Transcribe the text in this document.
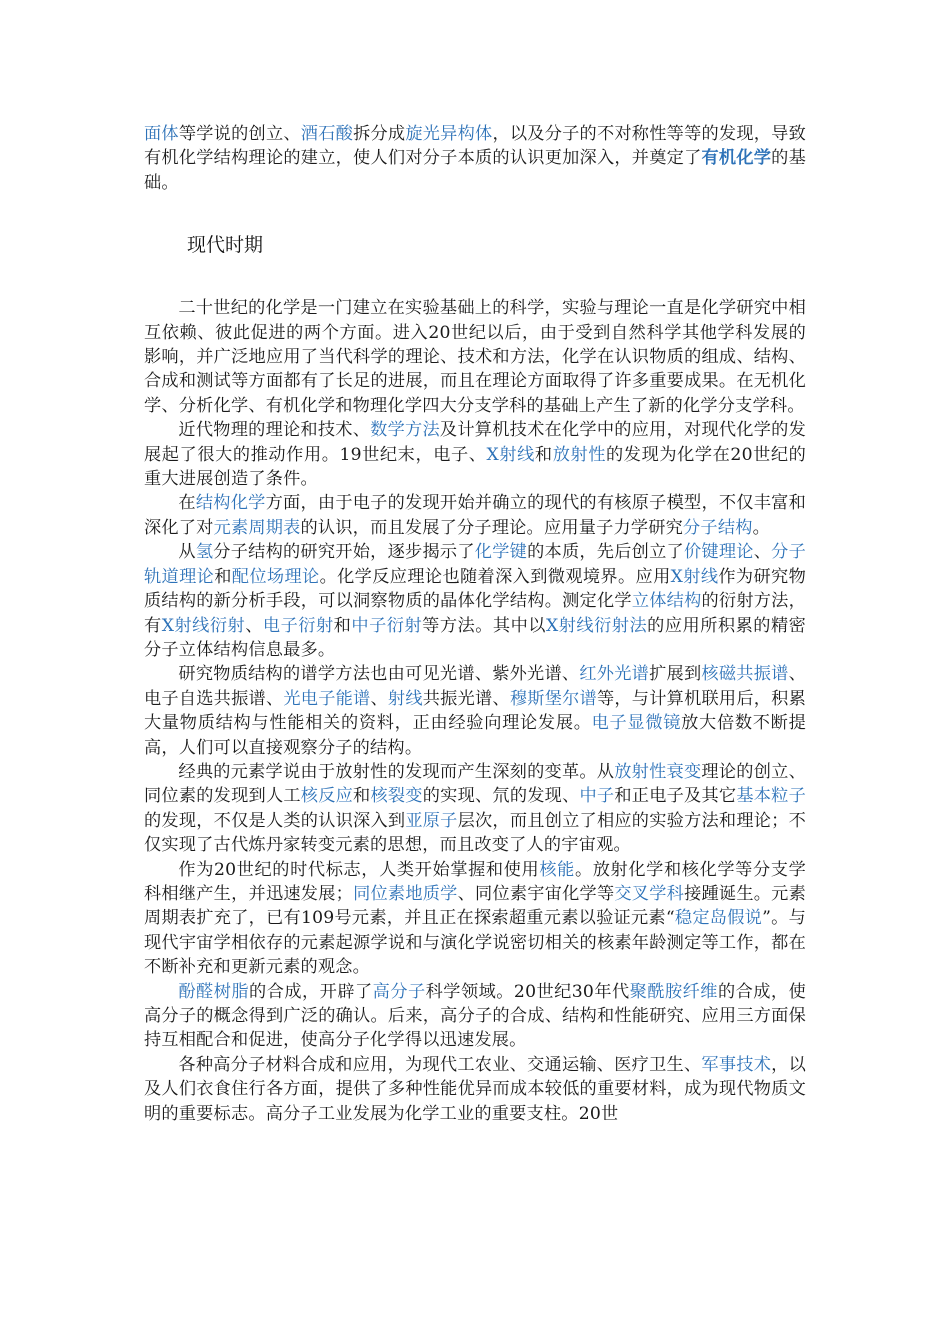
面体等学说的创立、酒石酸拆分成旋光异构体，以及分子的不对称性等等的发现，导致有机化学结构理论的建立，使人们对分子本质的认识更加深入，并奠定了有机化学的基础。

现代时期

二十世纪的化学是一门建立在实验基础上的科学，实验与理论一直是化学研究中相互依赖、彼此促进的两个方面。进入20世纪以后，由于受到自然科学其他学科发展的影响，并广泛地应用了当代科学的理论、技术和方法，化学在认识物质的组成、结构、合成和测试等方面都有了长足的进展，而且在理论方面取得了许多重要成果。在无机化学、分析化学、有机化学和物理化学四大分支学科的基础上产生了新的化学分支学科。

近代物理的理论和技术、数学方法及计算机技术在化学中的应用，对现代化学的发展起了很大的推动作用。19世纪末，电子、X射线和放射性的发现为化学在20世纪的重大进展创造了条件。

在结构化学方面，由于电子的发现开始并确立的现代的有核原子模型，不仅丰富和深化了对元素周期表的认识，而且发展了分子理论。应用量子力学研究分子结构。

从氢分子结构的研究开始，逐步揭示了化学键的本质，先后创立了价键理论、分子轨道理论和配位场理论。化学反应理论也随着深入到微观境界。应用X射线作为研究物质结构的新分析手段，可以洞察物质的晶体化学结构。测定化学立体结构的衍射方法，有X射线衍射、电子衍射和中子衍射等方法。其中以X射线衍射法的应用所积累的精密分子立体结构信息最多。

研究物质结构的谱学方法也由可见光谱、紫外光谱、红外光谱扩展到核磁共振谱、电子自选共振谱、光电子能谱、射线共振光谱、穆斯堡尔谱等，与计算机联用后，积累大量物质结构与性能相关的资料，正由经验向理论发展。电子显微镜放大倍数不断提高，人们可以直接观察分子的结构。

经典的元素学说由于放射性的发现而产生深刻的变革。从放射性衰变理论的创立、同位素的发现到人工核反应和核裂变的实现、氘的发现、中子和正电子及其它基本粒子的发现，不仅是人类的认识深入到亚原子层次，而且创立了相应的实验方法和理论；不仅实现了古代炼丹家转变元素的思想，而且改变了人的宇宙观。

作为20世纪的时代标志，人类开始掌握和使用核能。放射化学和核化学等分支学科相继产生，并迅速发展；同位素地质学、同位素宇宙化学等交叉学科接踵诞生。元素周期表扩充了，已有109号元素，并且正在探索超重元素以验证元素“稳定岛假说”。与现代宇宙学相依存的元素起源学说和与演化学说密切相关的核素年龄测定等工作，都在不断补充和更新元素的观念。

酚醛树脂的合成，开辟了高分子科学领域。20世纪30年代聚酰胺纤维的合成，使高分子的概念得到广泛的确认。后来，高分子的合成、结构和性能研究、应用三方面保持互相配合和促进，使高分子化学得以迅速发展。

各种高分子材料合成和应用，为现代工农业、交通运输、医疗卫生、军事技术，以及人们衣食住行各方面，提供了多种性能优异而成本较低的重要材料，成为现代物质文明的重要标志。高分子工业发展为化学工业的重要支柱。20世
